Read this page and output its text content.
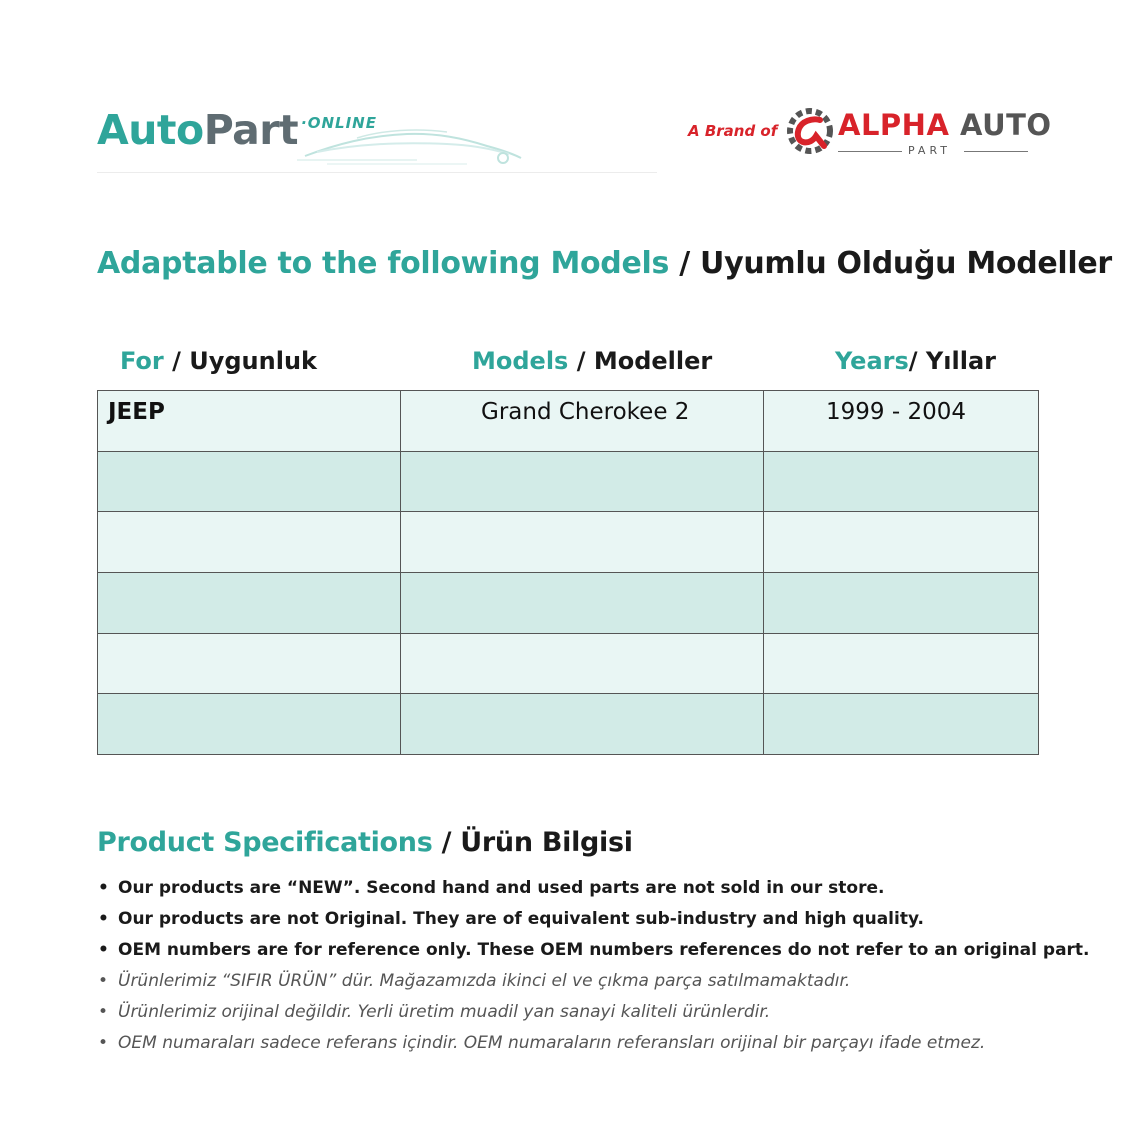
AutoPart ·ONLINE	A Brand of ALPHA AUTO
PART
Adaptable to the following Models / Uyumlu Olduğu Modeller
For / Uygunluk	Models / Modeller	Years/ Yıllar
JEEP	Grand Cherokee 2	1999 - 2004

Product Specifications / Ürün Bilgisi
• Our products are “NEW”. Second hand and used parts are not sold in our store.
• Our products are not Original. They are of equivalent sub-industry and high quality.
• OEM numbers are for reference only. These OEM numbers references do not refer to an original part.
• Ürünlerimiz “SIFIR ÜRÜN” dür. Mağazamızda ikinci el ve çıkma parça satılmamaktadır.
• Ürünlerimiz orijinal değildir. Yerli üretim muadil yan sanayi kaliteli ürünlerdir.
• OEM numaraları sadece referans içindir. OEM numaraların referansları orijinal bir parçayı ifade etmez.
